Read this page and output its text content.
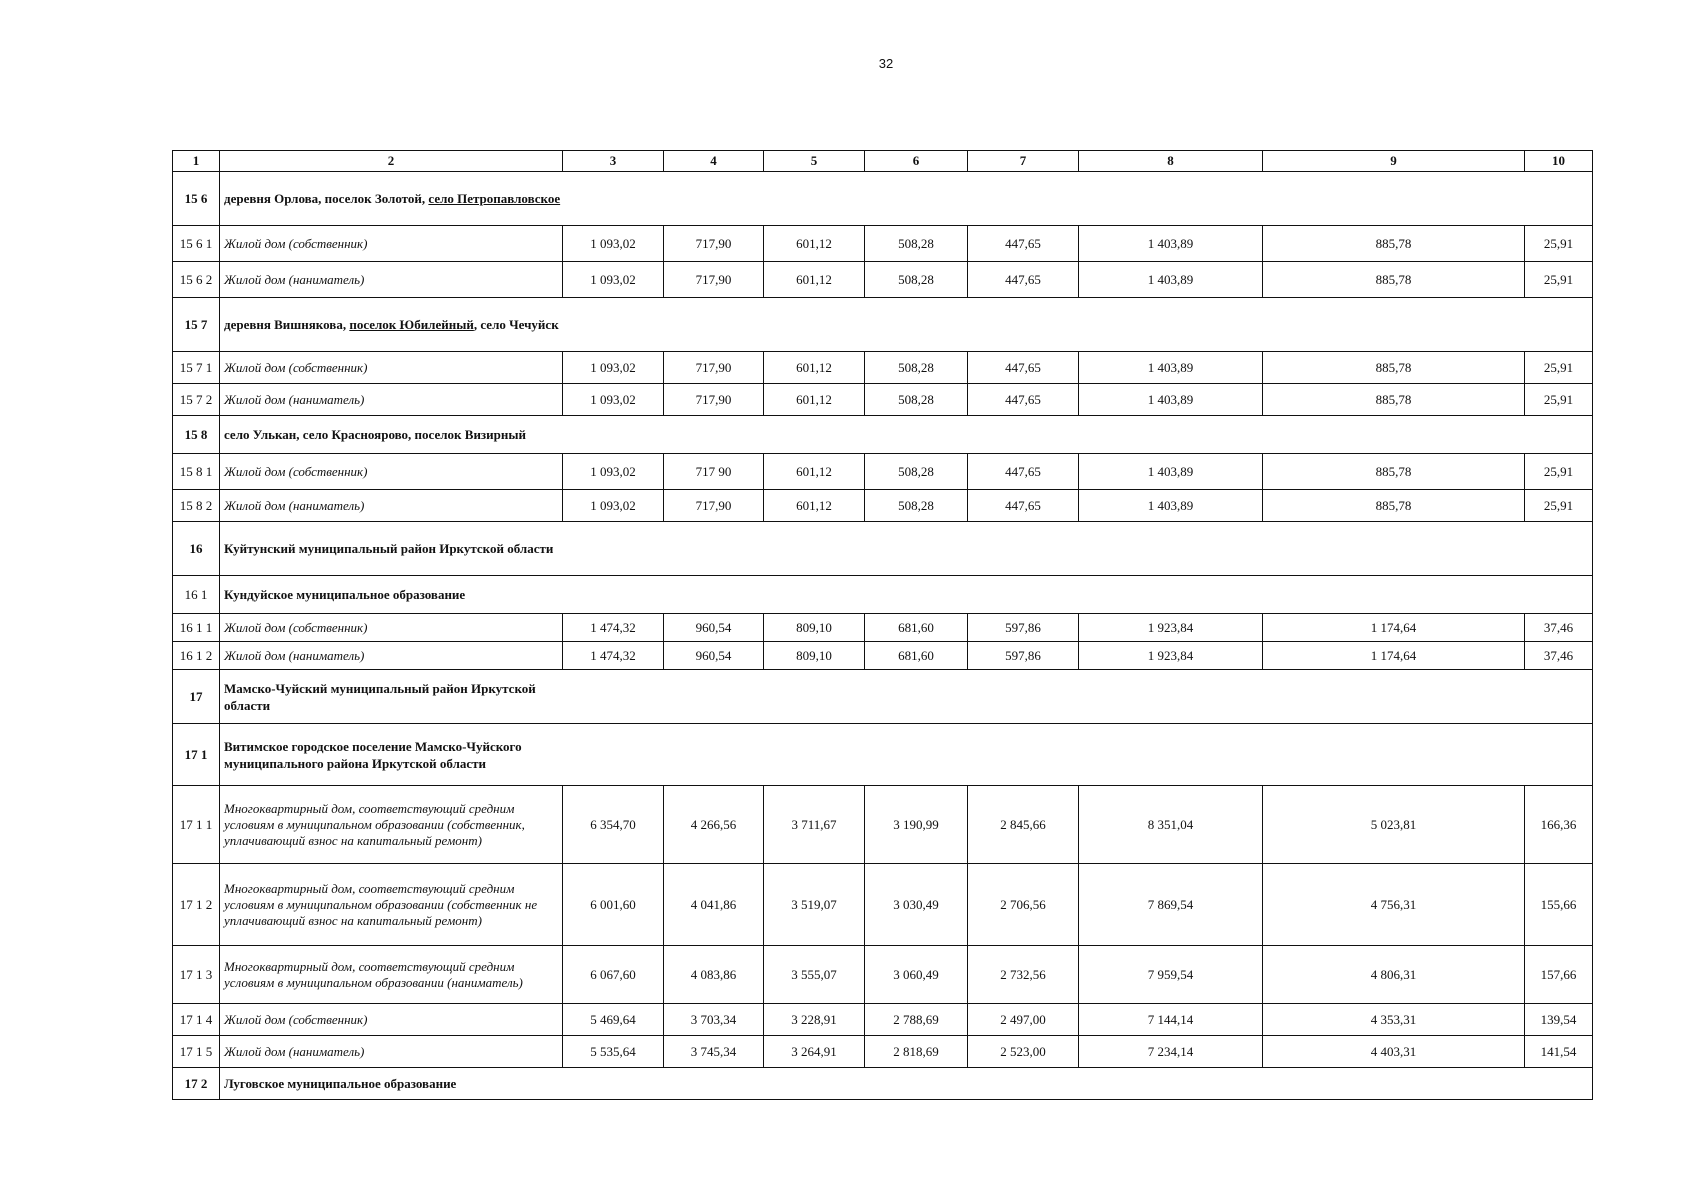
32
1	2	3	4	5	6	7	8	9	10
15 6	деревня Орлова, поселок Золотой, село Петропавловское								
15 6 1	Жилой дом (собственник)	1 093,02	717,90	601,12	508,28	447,65	1 403,89	885,78	25,91
15 6 2	Жилой дом (наниматель)	1 093,02	717,90	601,12	508,28	447,65	1 403,89	885,78	25,91
15 7	деревня Вишнякова, поселок Юбилейный, село Чечуйск								
15 7 1	Жилой дом (собственник)	1 093,02	717,90	601,12	508,28	447,65	1 403,89	885,78	25,91
15 7 2	Жилой дом (наниматель)	1 093,02	717,90	601,12	508,28	447,65	1 403,89	885,78	25,91
15 8	село Улькан, село Красноярово, поселок Визирный								
15 8 1	Жилой дом (собственник)	1 093,02	717 90	601,12	508,28	447,65	1 403,89	885,78	25,91
15 8 2	Жилой дом (наниматель)	1 093,02	717,90	601,12	508,28	447,65	1 403,89	885,78	25,91
16	Куйтунский муниципальный район Иркутской области								
16 1	Кундуйское муниципальное образование								
16 1 1	Жилой дом (собственник)	1 474,32	960,54	809,10	681,60	597,86	1 923,84	1 174,64	37,46
16 1 2	Жилой дом (наниматель)	1 474,32	960,54	809,10	681,60	597,86	1 923,84	1 174,64	37,46
17	Мамско-Чуйский муниципальный район Иркутской области								
17 1	Витимское городское поселение Мамско-Чуйского муниципального района Иркутской области								
17 1 1	Многоквартирный дом, соответствующий средним условиям в муниципальном образовании (собственник, уплачивающий взнос на капитальный ремонт)	6 354,70	4 266,56	3 711,67	3 190,99	2 845,66	8 351,04	5 023,81	166,36
17 1 2	Многоквартирный дом, соответствующий средним условиям в муниципальном образовании (собственник не уплачивающий взнос на капитальный ремонт)	6 001,60	4 041,86	3 519,07	3 030,49	2 706,56	7 869,54	4 756,31	155,66
17 1 3	Многоквартирный дом, соответствующий средним условиям в муниципальном образовании (наниматель)	6 067,60	4 083,86	3 555,07	3 060,49	2 732,56	7 959,54	4 806,31	157,66
17 1 4	Жилой дом (собственник)	5 469,64	3 703,34	3 228,91	2 788,69	2 497,00	7 144,14	4 353,31	139,54
17 1 5	Жилой дом (наниматель)	5 535,64	3 745,34	3 264,91	2 818,69	2 523,00	7 234,14	4 403,31	141,54
17 2	Луговское муниципальное образование								
